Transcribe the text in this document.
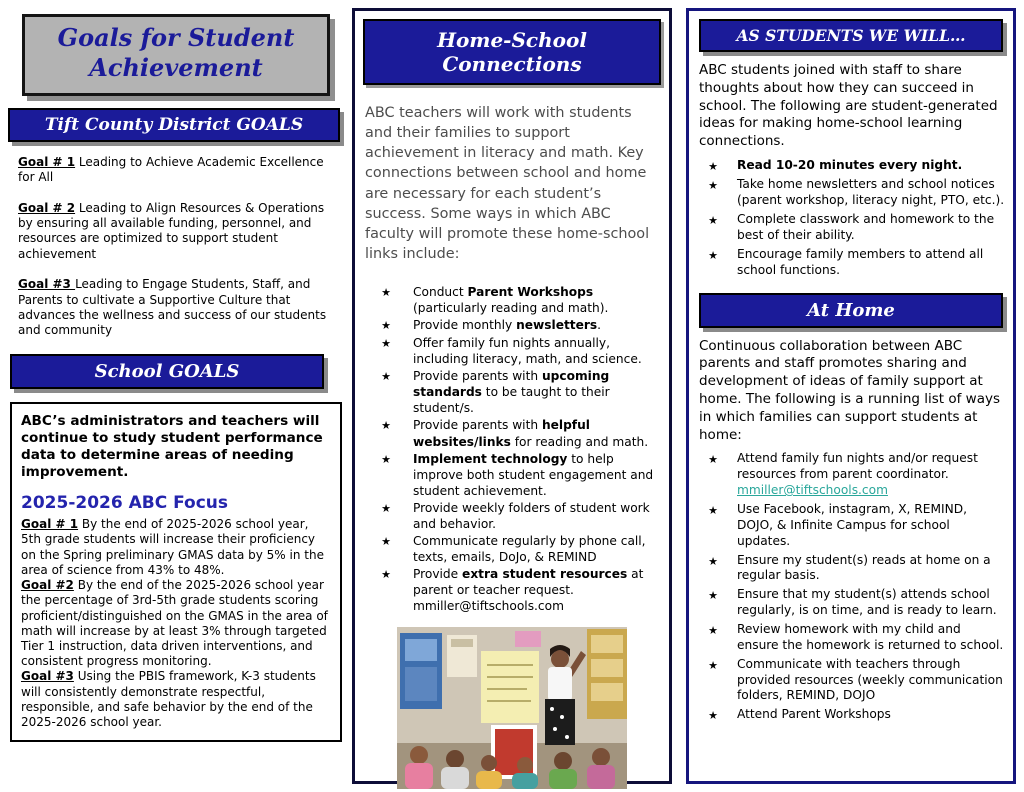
Goals for Student Achievement
Tift County District GOALS
Goal # 1 Leading to Achieve Academic Excellence for All
Goal # 2 Leading to Align Resources & Operations by ensuring all available funding, personnel, and resources are optimized to support student achievement
Goal #3 Leading to Engage Students, Staff, and Parents to cultivate a Supportive Culture that advances the wellness and success of our students and community
School GOALS
ABC’s administrators and teachers will continue to study student performance data to determine areas of needing improvement.
2025-2026 ABC Focus
Goal # 1 By the end of 2025-2026 school year, 5th grade students will increase their proficiency on the Spring preliminary GMAS data by 5% in the area of science from 43% to 48%.
Goal #2 By the end of the 2025-2026 school year the percentage of 3rd-5th grade students scoring proficient/distinguished on the GMAS in the area of math will increase by at least 3% through targeted Tier 1 instruction, data driven interventions, and consistent progress monitoring.
Goal #3 Using the PBIS framework, K-3 students will consistently demonstrate respectful, responsible, and safe behavior by the end of the 2025-2026 school year.
Home-School Connections
ABC teachers will work with students and their families to support achievement in literacy and math. Key connections between school and home are necessary for each student’s success. Some ways in which ABC faculty will promote these home-school links include:
★	Conduct Parent Workshops (particularly reading and math).
★	Provide monthly newsletters.
★	Offer family fun nights annually, including literacy, math, and science.
★	Provide parents with upcoming standards to be taught to their student/s.
★	Provide parents with helpful websites/links for reading and math.
★	Implement technology to help improve both student engagement and student achievement.
★	Provide weekly folders of student work and behavior.
★	Communicate regularly by phone call, texts, emails, DoJo, & REMIND
★	Provide extra student resources at parent or teacher request. mmiller@tiftschools.com
AS STUDENTS WE WILL…
ABC students joined with staff to share thoughts about how they can succeed in school. The following are student-generated ideas for making home-school learning connections.
★	Read 10-20 minutes every night.
★	Take home newsletters and school notices (parent workshop, literacy night, PTO, etc.).
★	Complete classwork and homework to the best of their ability.
★	Encourage family members to attend all school functions.
At Home
Continuous collaboration between ABC parents and staff promotes sharing and development of ideas of family support at home. The following is a running list of ways in which families can support students at home:
★	Attend family fun nights and/or request resources from parent coordinator. mmiller@tiftschools.com
★	Use Facebook, instagram, X, REMIND, DOJO, & Infinite Campus for school updates.
★	Ensure my student(s) reads at home on a regular basis.
★	Ensure that my student(s) attends school regularly, is on time, and is ready to learn.
★	Review homework with my child and ensure the homework is returned to school.
★	Communicate with teachers through provided resources (weekly communication folders, REMIND, DOJO
★	Attend Parent Workshops
